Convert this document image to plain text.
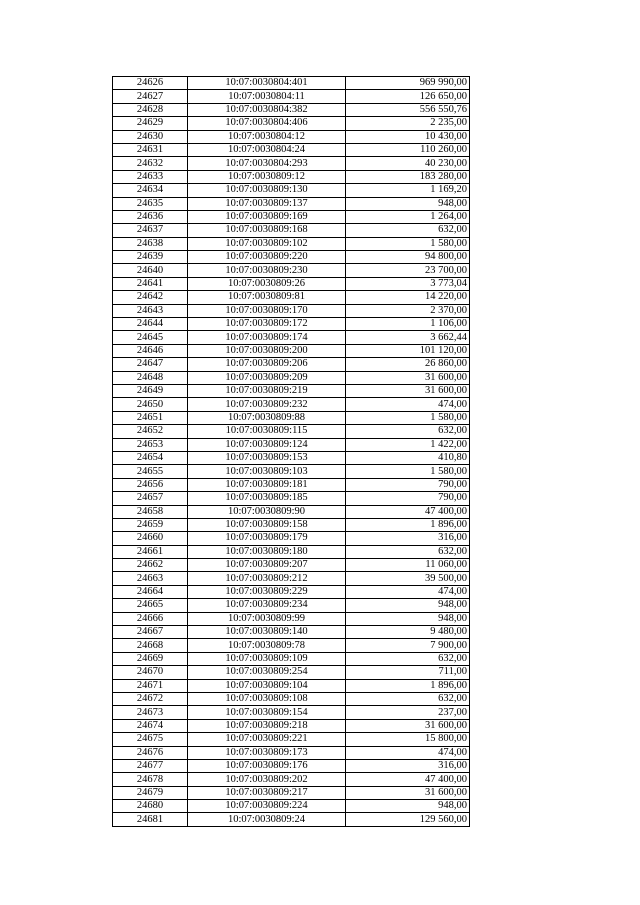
24626	10:07:0030804:401	969 990,00
24627	10:07:0030804:11	126 650,00
24628	10:07:0030804:382	556 550,76
24629	10:07:0030804:406	2 235,00
24630	10:07:0030804:12	10 430,00
24631	10:07:0030804:24	110 260,00
24632	10:07:0030804:293	40 230,00
24633	10:07:0030809:12	183 280,00
24634	10:07:0030809:130	1 169,20
24635	10:07:0030809:137	948,00
24636	10:07:0030809:169	1 264,00
24637	10:07:0030809:168	632,00
24638	10:07:0030809:102	1 580,00
24639	10:07:0030809:220	94 800,00
24640	10:07:0030809:230	23 700,00
24641	10:07:0030809:26	3 773,04
24642	10:07:0030809:81	14 220,00
24643	10:07:0030809:170	2 370,00
24644	10:07:0030809:172	1 106,00
24645	10:07:0030809:174	3 662,44
24646	10:07:0030809:200	101 120,00
24647	10:07:0030809:206	26 860,00
24648	10:07:0030809:209	31 600,00
24649	10:07:0030809:219	31 600,00
24650	10:07:0030809:232	474,00
24651	10:07:0030809:88	1 580,00
24652	10:07:0030809:115	632,00
24653	10:07:0030809:124	1 422,00
24654	10:07:0030809:153	410,80
24655	10:07:0030809:103	1 580,00
24656	10:07:0030809:181	790,00
24657	10:07:0030809:185	790,00
24658	10:07:0030809:90	47 400,00
24659	10:07:0030809:158	1 896,00
24660	10:07:0030809:179	316,00
24661	10:07:0030809:180	632,00
24662	10:07:0030809:207	11 060,00
24663	10:07:0030809:212	39 500,00
24664	10:07:0030809:229	474,00
24665	10:07:0030809:234	948,00
24666	10:07:0030809:99	948,00
24667	10:07:0030809:140	9 480,00
24668	10:07:0030809:78	7 900,00
24669	10:07:0030809:109	632,00
24670	10:07:0030809:254	711,00
24671	10:07:0030809:104	1 896,00
24672	10:07:0030809:108	632,00
24673	10:07:0030809:154	237,00
24674	10:07:0030809:218	31 600,00
24675	10:07:0030809:221	15 800,00
24676	10:07:0030809:173	474,00
24677	10:07:0030809:176	316,00
24678	10:07:0030809:202	47 400,00
24679	10:07:0030809:217	31 600,00
24680	10:07:0030809:224	948,00
24681	10:07:0030809:24	129 560,00
